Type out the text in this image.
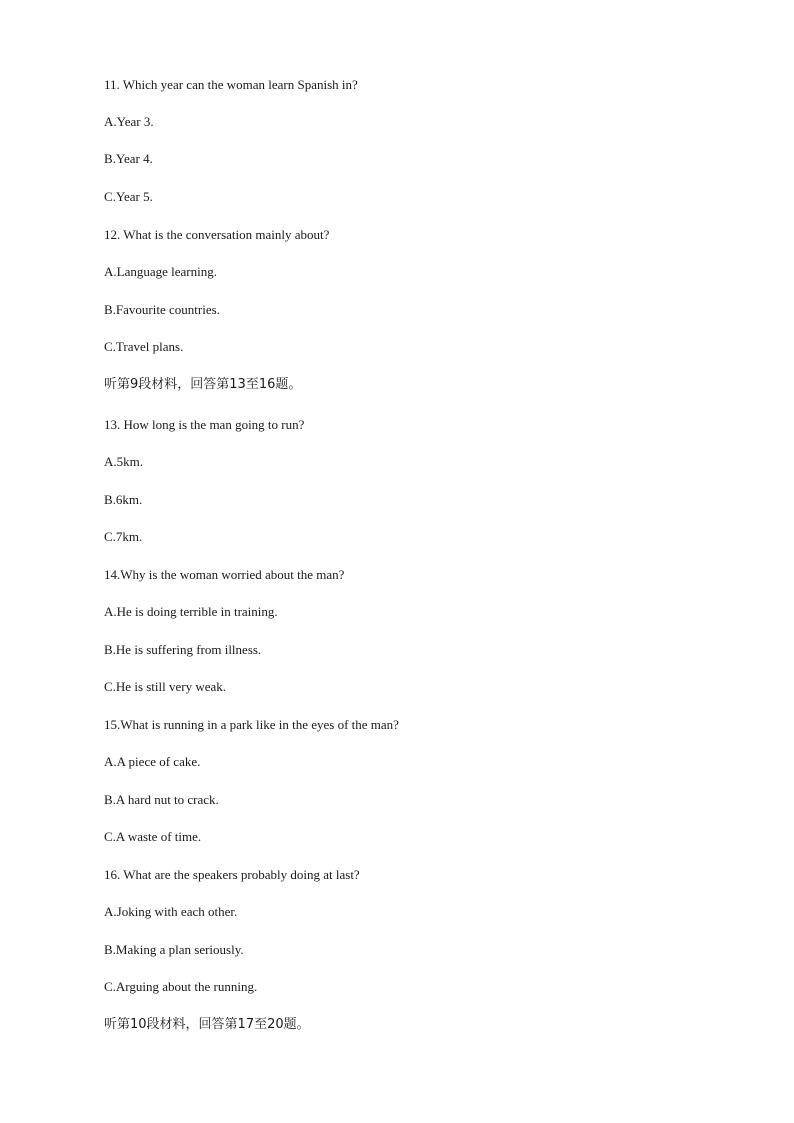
11. Which year can the woman learn Spanish in?
A.Year 3.
B.Year 4.
C.Year 5.
12. What is the conversation mainly about?
A.Language learning.
B.Favourite countries.
C.Travel plans.
听第9段材料，回答第13至16题。
13. How long is the man going to run?
A.5km.
B.6km.
C.7km.
14.Why is the woman worried about the man?
A.He is doing terrible in training.
B.He is suffering from illness.
C.He is still very weak.
15.What is running in a park like in the eyes of the man?
A.A piece of cake.
B.A hard nut to crack.
C.A waste of time.
16. What are the speakers probably doing at last?
A.Joking with each other.
B.Making a plan seriously.
C.Arguing about the running.
听第10段材料，回答第17至20题。
